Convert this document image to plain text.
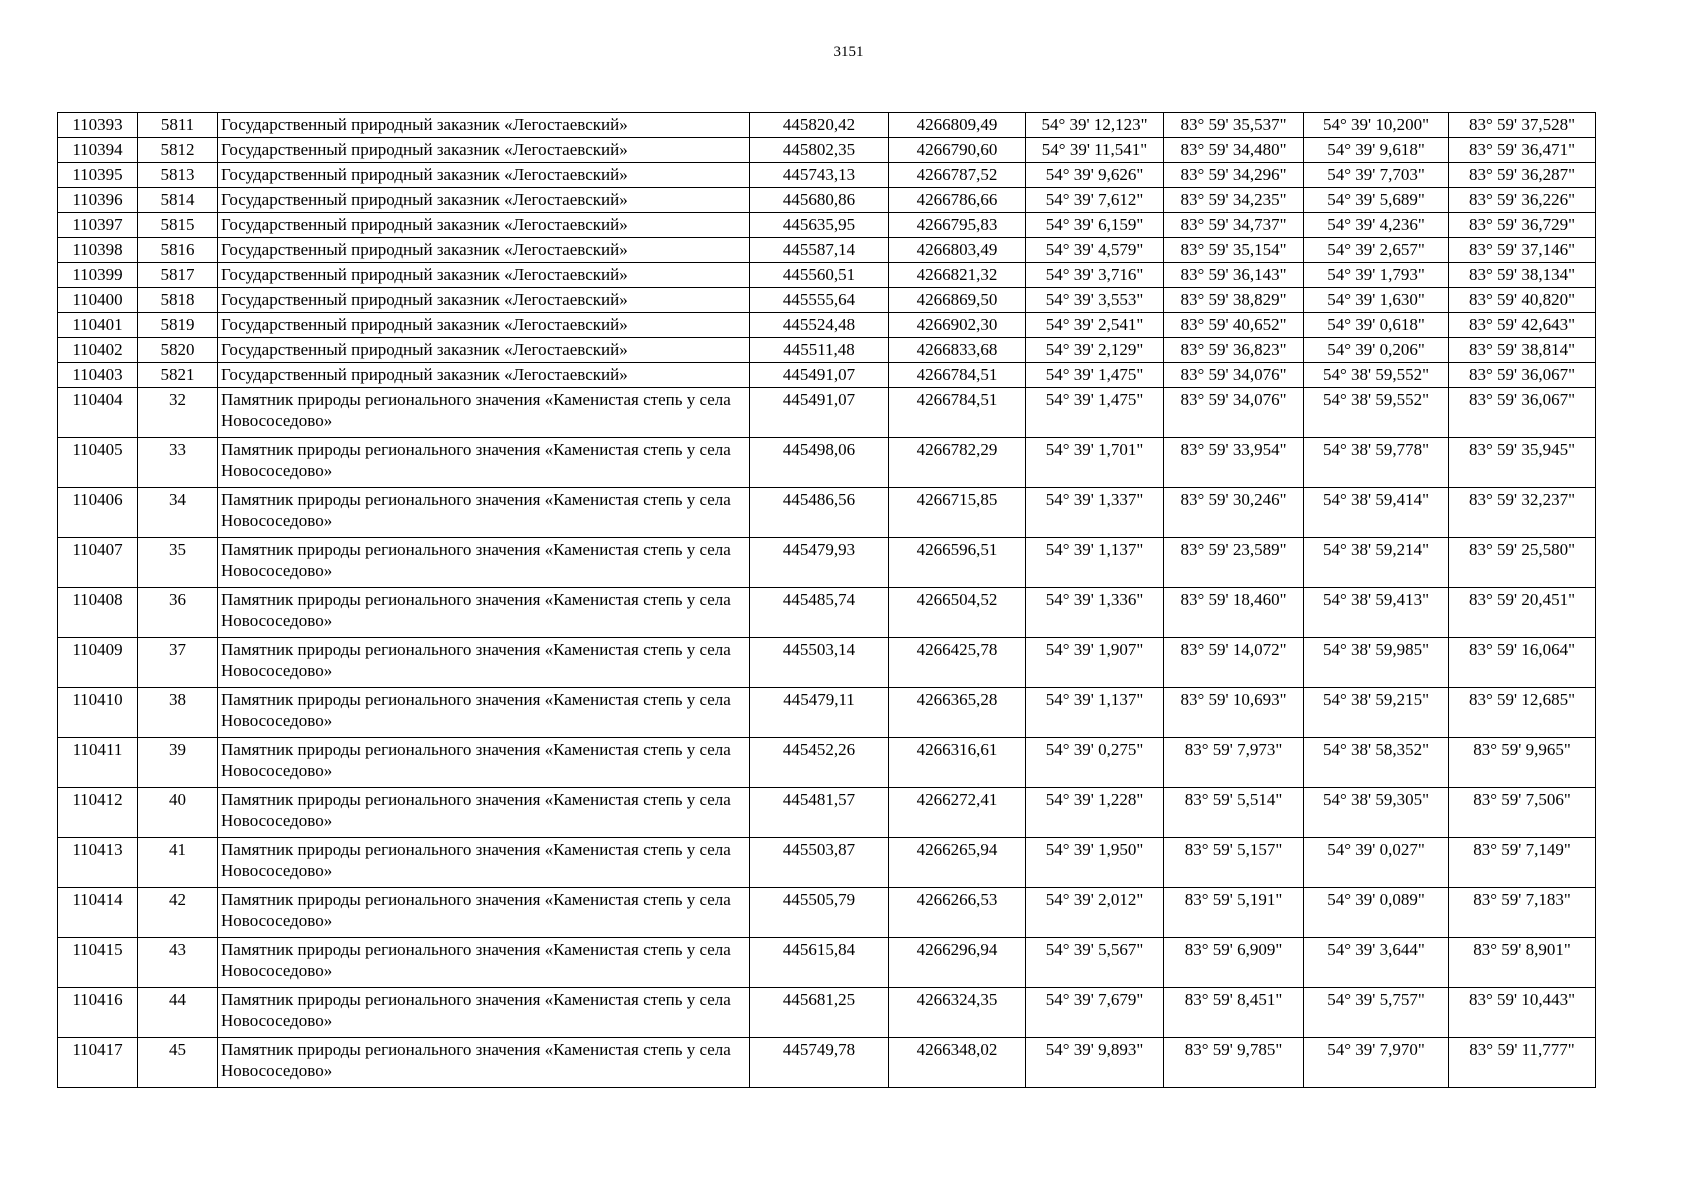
3151
110393	5811	Государственный природный заказник «Легостаевский»	445820,42	4266809,49	54° 39' 12,123"	83° 59' 35,537"	54° 39' 10,200"	83° 59' 37,528"
110394	5812	Государственный природный заказник «Легостаевский»	445802,35	4266790,60	54° 39' 11,541"	83° 59' 34,480"	54° 39' 9,618"	83° 59' 36,471"
110395	5813	Государственный природный заказник «Легостаевский»	445743,13	4266787,52	54° 39' 9,626"	83° 59' 34,296"	54° 39' 7,703"	83° 59' 36,287"
110396	5814	Государственный природный заказник «Легостаевский»	445680,86	4266786,66	54° 39' 7,612"	83° 59' 34,235"	54° 39' 5,689"	83° 59' 36,226"
110397	5815	Государственный природный заказник «Легостаевский»	445635,95	4266795,83	54° 39' 6,159"	83° 59' 34,737"	54° 39' 4,236"	83° 59' 36,729"
110398	5816	Государственный природный заказник «Легостаевский»	445587,14	4266803,49	54° 39' 4,579"	83° 59' 35,154"	54° 39' 2,657"	83° 59' 37,146"
110399	5817	Государственный природный заказник «Легостаевский»	445560,51	4266821,32	54° 39' 3,716"	83° 59' 36,143"	54° 39' 1,793"	83° 59' 38,134"
110400	5818	Государственный природный заказник «Легостаевский»	445555,64	4266869,50	54° 39' 3,553"	83° 59' 38,829"	54° 39' 1,630"	83° 59' 40,820"
110401	5819	Государственный природный заказник «Легостаевский»	445524,48	4266902,30	54° 39' 2,541"	83° 59' 40,652"	54° 39' 0,618"	83° 59' 42,643"
110402	5820	Государственный природный заказник «Легостаевский»	445511,48	4266833,68	54° 39' 2,129"	83° 59' 36,823"	54° 39' 0,206"	83° 59' 38,814"
110403	5821	Государственный природный заказник «Легостаевский»	445491,07	4266784,51	54° 39' 1,475"	83° 59' 34,076"	54° 38' 59,552"	83° 59' 36,067"
110404	32	Памятник природы регионального значения «Каменистая степь у села Новососедово»	445491,07	4266784,51	54° 39' 1,475"	83° 59' 34,076"	54° 38' 59,552"	83° 59' 36,067"
110405	33	Памятник природы регионального значения «Каменистая степь у села Новососедово»	445498,06	4266782,29	54° 39' 1,701"	83° 59' 33,954"	54° 38' 59,778"	83° 59' 35,945"
110406	34	Памятник природы регионального значения «Каменистая степь у села Новососедово»	445486,56	4266715,85	54° 39' 1,337"	83° 59' 30,246"	54° 38' 59,414"	83° 59' 32,237"
110407	35	Памятник природы регионального значения «Каменистая степь у села Новососедово»	445479,93	4266596,51	54° 39' 1,137"	83° 59' 23,589"	54° 38' 59,214"	83° 59' 25,580"
110408	36	Памятник природы регионального значения «Каменистая степь у села Новососедово»	445485,74	4266504,52	54° 39' 1,336"	83° 59' 18,460"	54° 38' 59,413"	83° 59' 20,451"
110409	37	Памятник природы регионального значения «Каменистая степь у села Новососедово»	445503,14	4266425,78	54° 39' 1,907"	83° 59' 14,072"	54° 38' 59,985"	83° 59' 16,064"
110410	38	Памятник природы регионального значения «Каменистая степь у села Новососедово»	445479,11	4266365,28	54° 39' 1,137"	83° 59' 10,693"	54° 38' 59,215"	83° 59' 12,685"
110411	39	Памятник природы регионального значения «Каменистая степь у села Новососедово»	445452,26	4266316,61	54° 39' 0,275"	83° 59' 7,973"	54° 38' 58,352"	83° 59' 9,965"
110412	40	Памятник природы регионального значения «Каменистая степь у села Новососедово»	445481,57	4266272,41	54° 39' 1,228"	83° 59' 5,514"	54° 38' 59,305"	83° 59' 7,506"
110413	41	Памятник природы регионального значения «Каменистая степь у села Новососедово»	445503,87	4266265,94	54° 39' 1,950"	83° 59' 5,157"	54° 39' 0,027"	83° 59' 7,149"
110414	42	Памятник природы регионального значения «Каменистая степь у села Новососедово»	445505,79	4266266,53	54° 39' 2,012"	83° 59' 5,191"	54° 39' 0,089"	83° 59' 7,183"
110415	43	Памятник природы регионального значения «Каменистая степь у села Новососедово»	445615,84	4266296,94	54° 39' 5,567"	83° 59' 6,909"	54° 39' 3,644"	83° 59' 8,901"
110416	44	Памятник природы регионального значения «Каменистая степь у села Новососедово»	445681,25	4266324,35	54° 39' 7,679"	83° 59' 8,451"	54° 39' 5,757"	83° 59' 10,443"
110417	45	Памятник природы регионального значения «Каменистая степь у села Новососедово»	445749,78	4266348,02	54° 39' 9,893"	83° 59' 9,785"	54° 39' 7,970"	83° 59' 11,777"
